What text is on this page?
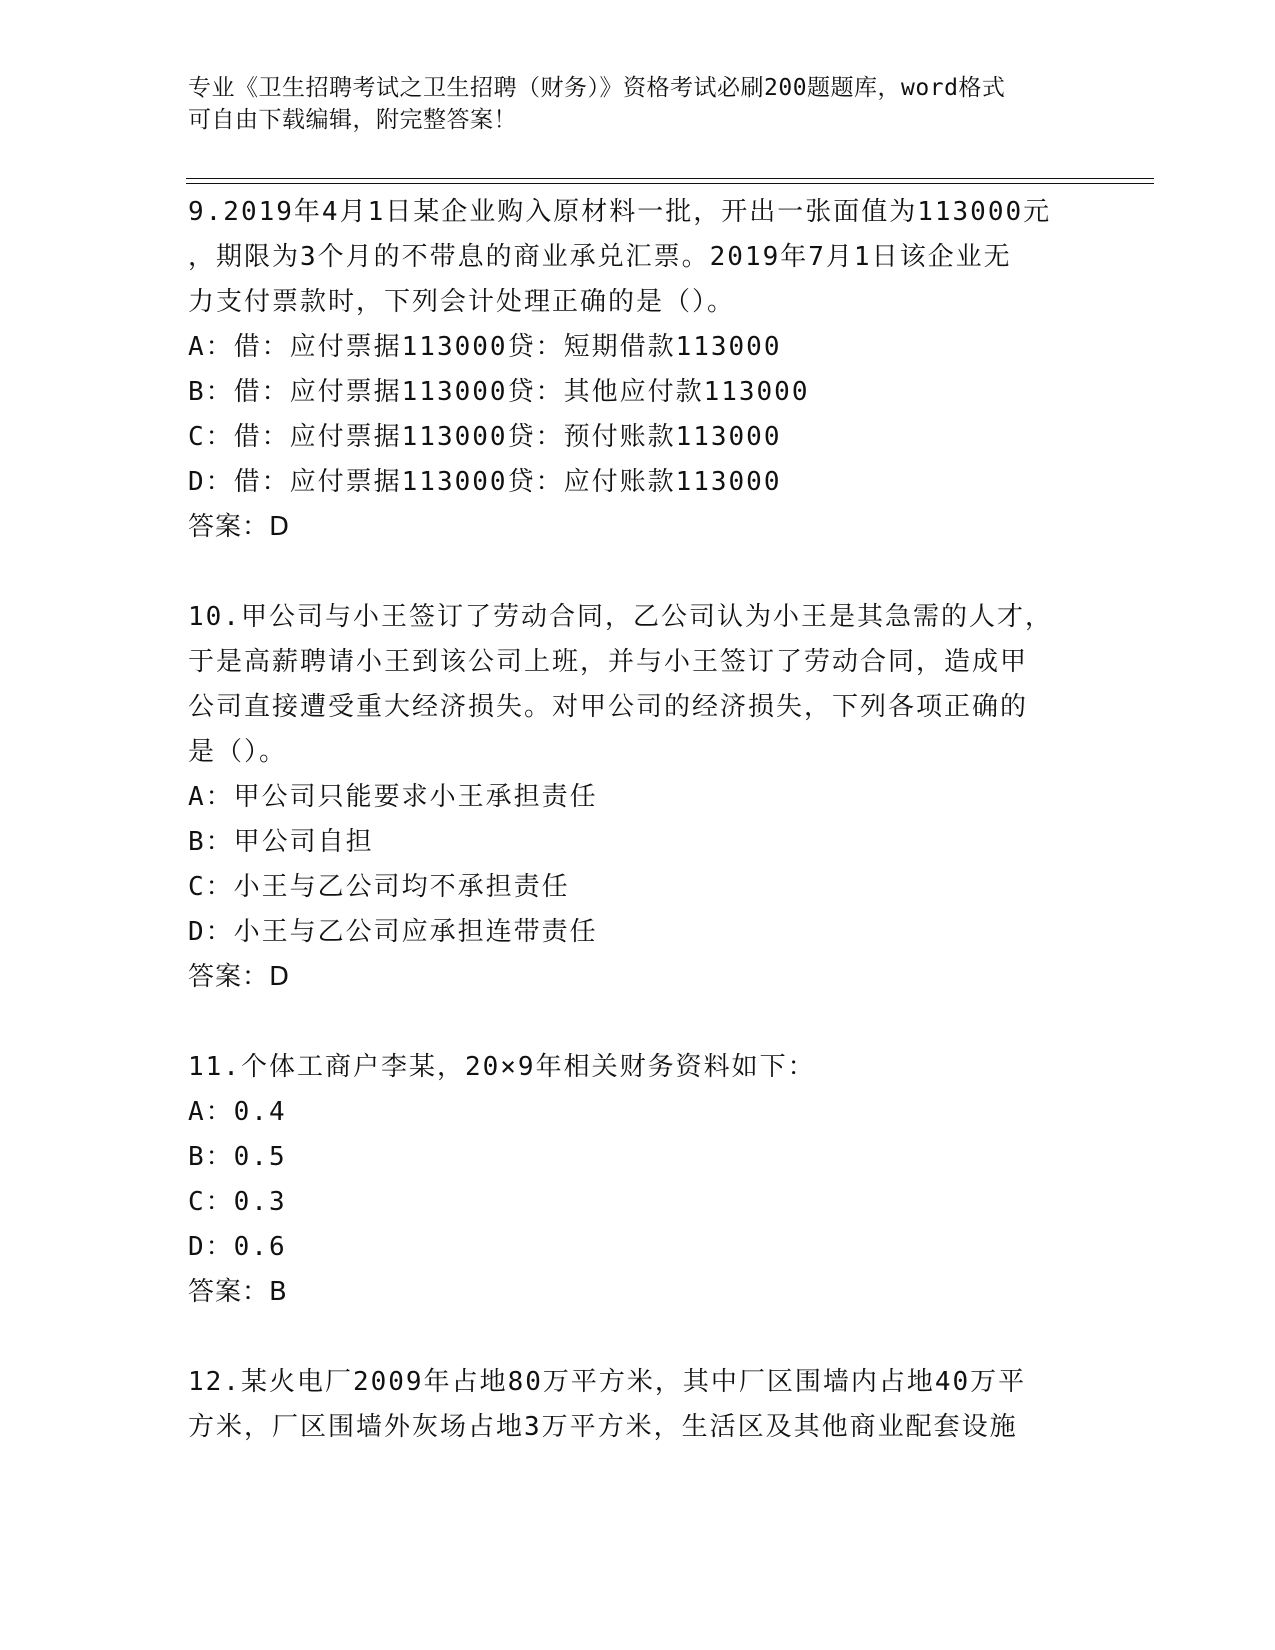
专业《卫生招聘考试之卫生招聘（财务）》资格考试必刷200题题库，word格式
可自由下载编辑，附完整答案！
9.2019年4月1日某企业购入原材料一批，开出一张面值为113000元
，期限为3个月的不带息的商业承兑汇票。2019年7月1日该企业无
力支付票款时，下列会计处理正确的是（）。
A：借：应付票据113000贷：短期借款113000
B：借：应付票据113000贷：其他应付款113000
C：借：应付票据113000贷：预付账款113000
D：借：应付票据113000贷：应付账款113000
答案：D
10.甲公司与小王签订了劳动合同，乙公司认为小王是其急需的人才，
于是高薪聘请小王到该公司上班，并与小王签订了劳动合同，造成甲
公司直接遭受重大经济损失。对甲公司的经济损失，下列各项正确的
是（）。
A：甲公司只能要求小王承担责任
B：甲公司自担
C：小王与乙公司均不承担责任
D：小王与乙公司应承担连带责任
答案：D
11.个体工商户李某，20×9年相关财务资料如下：
A：0.4
B：0.5
C：0.3
D：0.6
答案：B
12.某火电厂2009年占地80万平方米，其中厂区围墙内占地40万平
方米，厂区围墙外灰场占地3万平方米，生活区及其他商业配套设施
